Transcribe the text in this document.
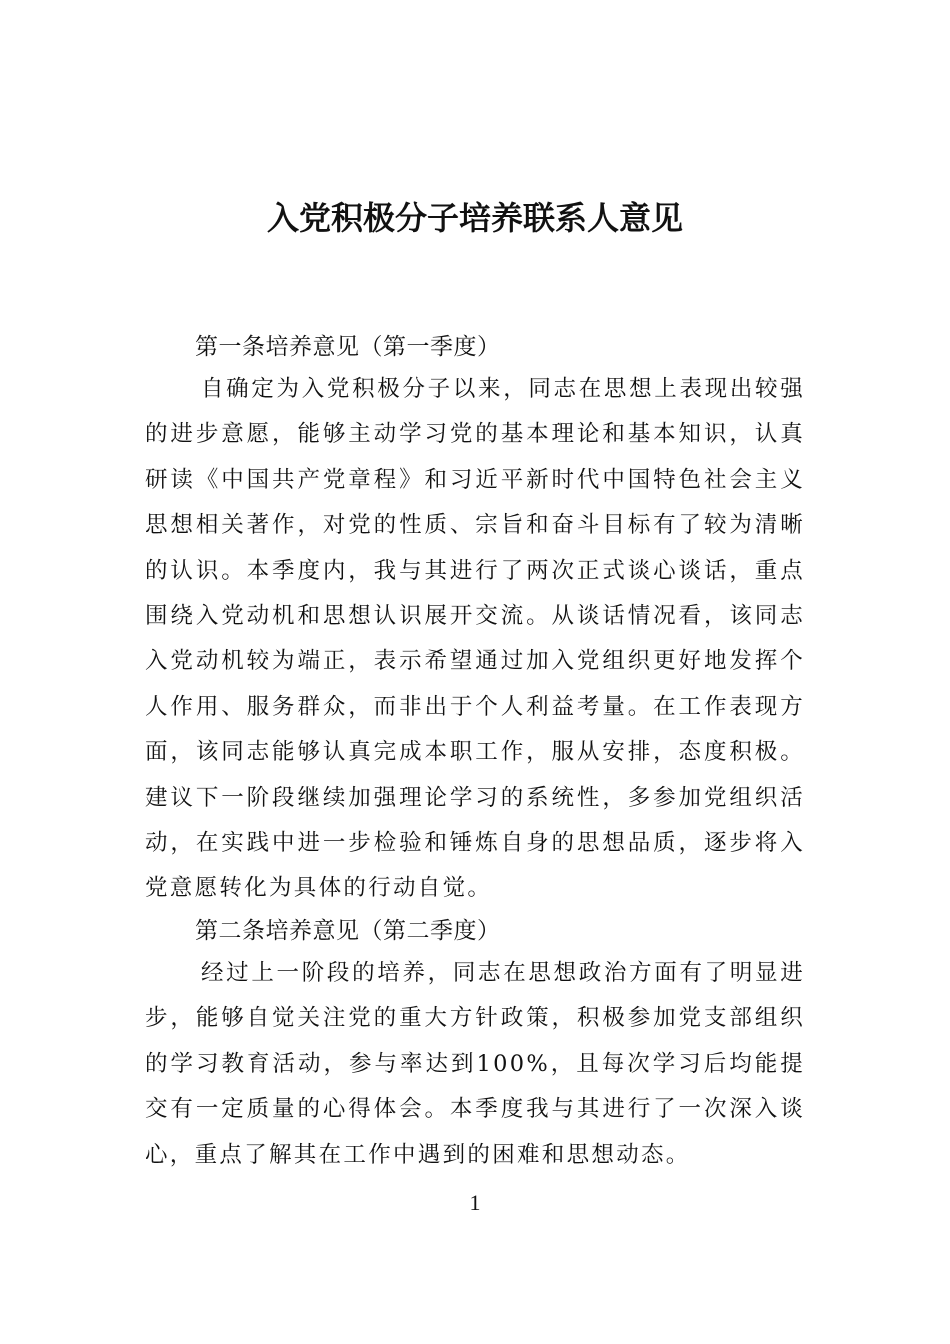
入党积极分子培养联系人意见

第一条培养意见（第一季度）

自确定为入党积极分子以来，同志在思想上表现出较强的进步意愿，能够主动学习党的基本理论和基本知识，认真研读《中国共产党章程》和习近平新时代中国特色社会主义思想相关著作，对党的性质、宗旨和奋斗目标有了较为清晰的认识。本季度内，我与其进行了两次正式谈心谈话，重点围绕入党动机和思想认识展开交流。从谈话情况看，该同志入党动机较为端正，表示希望通过加入党组织更好地发挥个人作用、服务群众，而非出于个人利益考量。在工作表现方面，该同志能够认真完成本职工作，服从安排，态度积极。建议下一阶段继续加强理论学习的系统性，多参加党组织活动，在实践中进一步检验和锤炼自身的思想品质，逐步将入党意愿转化为具体的行动自觉。

第二条培养意见（第二季度）

经过上一阶段的培养，同志在思想政治方面有了明显进步，能够自觉关注党的重大方针政策，积极参加党支部组织的学习教育活动，参与率达到100%，且每次学习后均能提交有一定质量的心得体会。本季度我与其进行了一次深入谈心，重点了解其在工作中遇到的困难和思想动态。

1
